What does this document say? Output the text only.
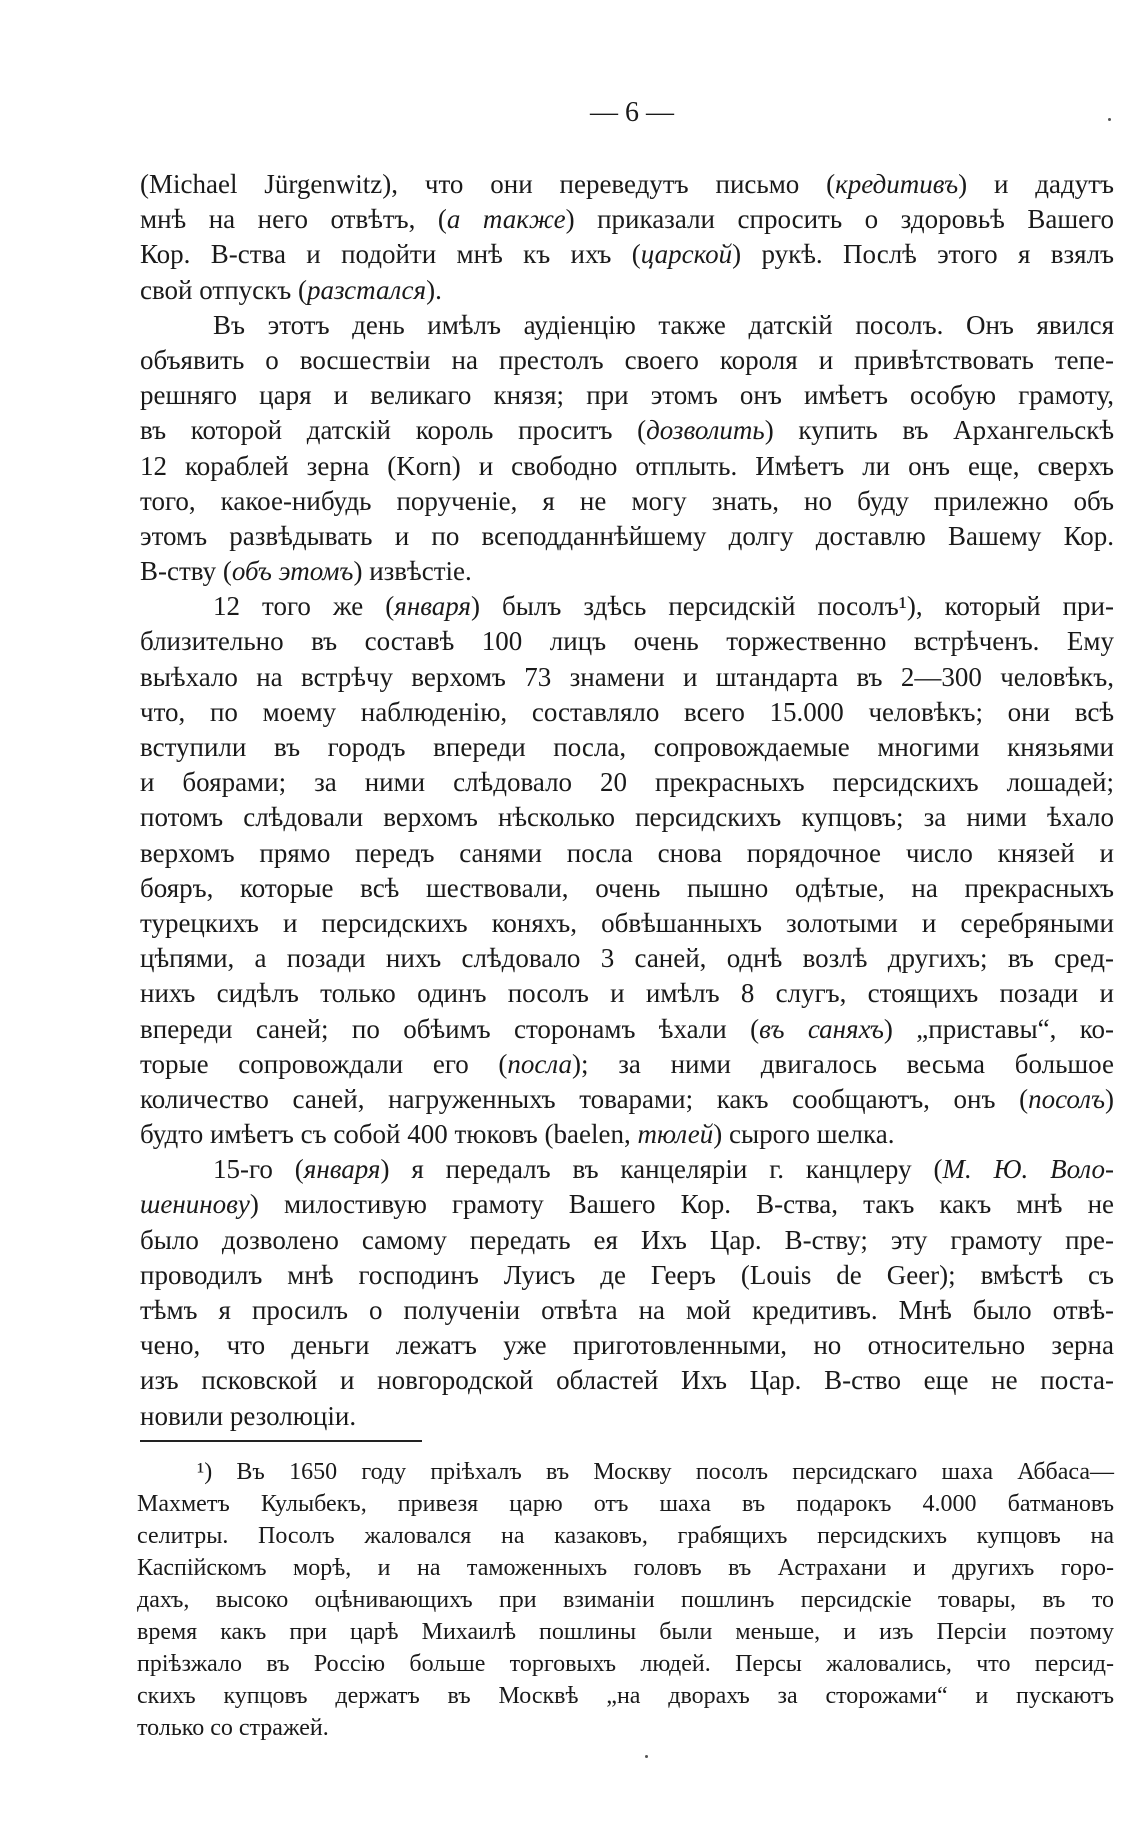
— 6 —
(Michael Jürgenwitz), что они переведутъ письмо (кредитивъ) и дадутъ
мнѣ на него отвѣтъ, (а также) приказали спросить о здоровьѣ Вашего
Кор. В-ства и подойти мнѣ къ ихъ (царской) рукѣ. Послѣ этого я взялъ
свой отпускъ (разстался).
Въ этотъ день имѣлъ аудіенцію также датскій посолъ. Онъ явился
объявить о восшествіи на престолъ своего короля и привѣтствовать тепе-
решняго царя и великаго князя; при этомъ онъ имѣетъ особую грамоту,
въ которой датскій король проситъ (дозволить) купить въ Архангельскѣ
12 кораблей зерна (Korn) и свободно отплыть. Имѣетъ ли онъ еще, сверхъ
того, какое-нибудь порученіе, я не могу знать, но буду прилежно объ
этомъ развѣдывать и по всеподданнѣйшему долгу доставлю Вашему Кор.
В-ству (объ этомъ) извѣстіе.
12 того же (января) былъ здѣсь персидскій посолъ¹), который при-
близительно въ составѣ 100 лицъ очень торжественно встрѣченъ. Ему
выѣхало на встрѣчу верхомъ 73 знамени и штандарта въ 2—300 человѣкъ,
что, по моему наблюденію, составляло всего 15.000 человѣкъ; они всѣ
вступили въ городъ впереди посла, сопровождаемые многими князьями
и боярами; за ними слѣдовало 20 прекрасныхъ персидскихъ лошадей;
потомъ слѣдовали верхомъ нѣсколько персидскихъ купцовъ; за ними ѣхало
верхомъ прямо передъ санями посла снова порядочное число князей и
бояръ, которые всѣ шествовали, очень пышно одѣтые, на прекрасныхъ
турецкихъ и персидскихъ коняхъ, обвѣшанныхъ золотыми и серебряными
цѣпями, а позади нихъ слѣдовало 3 саней, однѣ возлѣ другихъ; въ сред-
нихъ сидѣлъ только одинъ посолъ и имѣлъ 8 слугъ, стоящихъ позади и
впереди саней; по обѣимъ сторонамъ ѣхали (въ саняхъ) „приставы“, ко-
торые сопровождали его (посла); за ними двигалось весьма большое
количество саней, нагруженныхъ товарами; какъ сообщаютъ, онъ (посолъ)
будто имѣетъ съ собой 400 тюковъ (baelen, тюлей) сырого шелка.
15-го (января) я передалъ въ канцеляріи г. канцлеру (М. Ю. Воло-
шенинову) милостивую грамоту Вашего Кор. В-ства, такъ какъ мнѣ не
было дозволено самому передать ея Ихъ Цар. В-ству; эту грамоту пре-
проводилъ мнѣ господинъ Луисъ де Гееръ (Louis de Geer); вмѣстѣ съ
тѣмъ я просилъ о полученіи отвѣта на мой кредитивъ. Мнѣ было отвѣ-
чено, что деньги лежатъ уже приготовленными, но относительно зерна
изъ псковской и новгородской областей Ихъ Цар. В-ство еще не поста-
новили резолюціи.
¹) Въ 1650 году пріѣхалъ въ Москву посолъ персидскаго шаха Аббаса—
Махметъ Кулыбекъ, привезя царю отъ шаха въ подарокъ 4.000 батмановъ
селитры. Посолъ жаловался на казаковъ, грабящихъ персидскихъ купцовъ на
Каспійскомъ морѣ, и на таможенныхъ головъ въ Астрахани и другихъ горо-
дахъ, высоко оцѣнивающихъ при взиманіи пошлинъ персидскіе товары, въ то
время какъ при царѣ Михаилѣ пошлины были меньше, и изъ Персіи поэтому
пріѣзжало въ Россію больше торговыхъ людей. Персы жаловались, что персид-
скихъ купцовъ держатъ въ Москвѣ „на дворахъ за сторожами“ и пускаютъ
только со стражей.
